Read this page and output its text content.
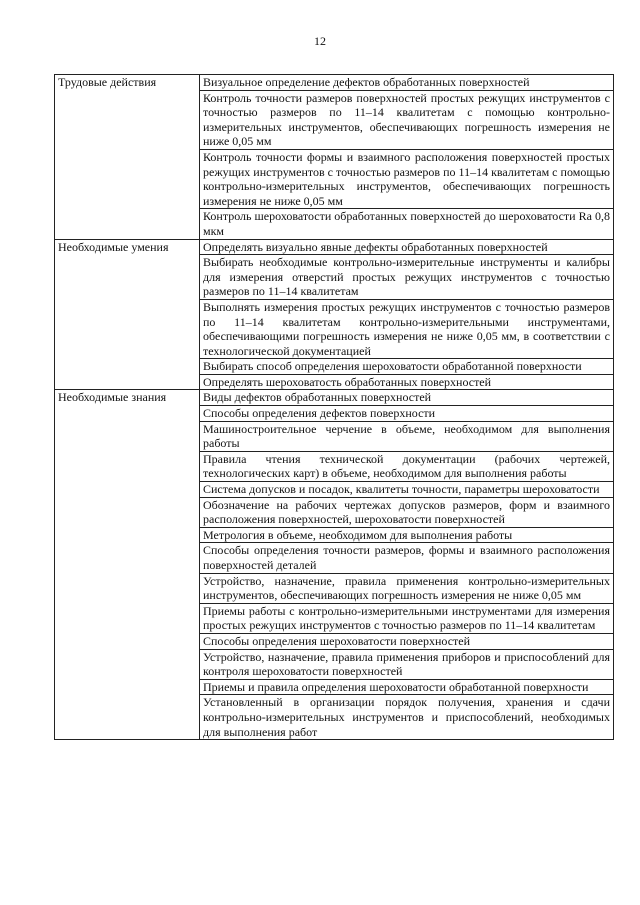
12
Трудовые действия	Визуальное определение дефектов обработанных поверхностей
	Контроль точности размеров поверхностей простых режущих инструментов с точностью размеров по 11–14 квалитетам с помощью контрольно-измерительных инструментов, обеспечивающих погрешность измерения не ниже 0,05 мм
	Контроль точности формы и взаимного расположения поверхностей простых режущих инструментов с точностью размеров по 11–14 квалитетам с помощью контрольно-измерительных инструментов, обеспечивающих погрешность измерения не ниже 0,05 мм
	Контроль шероховатости обработанных поверхностей до шероховатости Ra 0,8 мкм
Необходимые умения	Определять визуально явные дефекты обработанных поверхностей
	Выбирать необходимые контрольно-измерительные инструменты и калибры для измерения отверстий простых режущих инструментов с точностью размеров по 11–14 квалитетам
	Выполнять измерения простых режущих инструментов с точностью размеров по 11–14 квалитетам контрольно-измерительными инструментами, обеспечивающими погрешность измерения не ниже 0,05 мм, в соответствии с технологической документацией
	Выбирать способ определения шероховатости обработанной поверхности
	Определять шероховатость обработанных поверхностей
Необходимые знания	Виды дефектов обработанных поверхностей
	Способы определения дефектов поверхности
	Машиностроительное черчение в объеме, необходимом для выполнения работы
	Правила чтения технической документации (рабочих чертежей, технологических карт) в объеме, необходимом для выполнения работы
	Система допусков и посадок, квалитеты точности, параметры шероховатости
	Обозначение на рабочих чертежах допусков размеров, форм и взаимного расположения поверхностей, шероховатости поверхностей
	Метрология в объеме, необходимом для выполнения работы
	Способы определения точности размеров, формы и взаимного расположения поверхностей деталей
	Устройство, назначение, правила применения контрольно-измерительных инструментов, обеспечивающих погрешность измерения не ниже 0,05 мм
	Приемы работы с контрольно-измерительными инструментами для измерения простых режущих инструментов с точностью размеров по 11–14 квалитетам
	Способы определения шероховатости поверхностей
	Устройство, назначение, правила применения приборов и приспособлений для контроля шероховатости поверхностей
	Приемы и правила определения шероховатости обработанной поверхности
	Установленный в организации порядок получения, хранения и сдачи контрольно-измерительных инструментов и приспособлений, необходимых для выполнения работ
